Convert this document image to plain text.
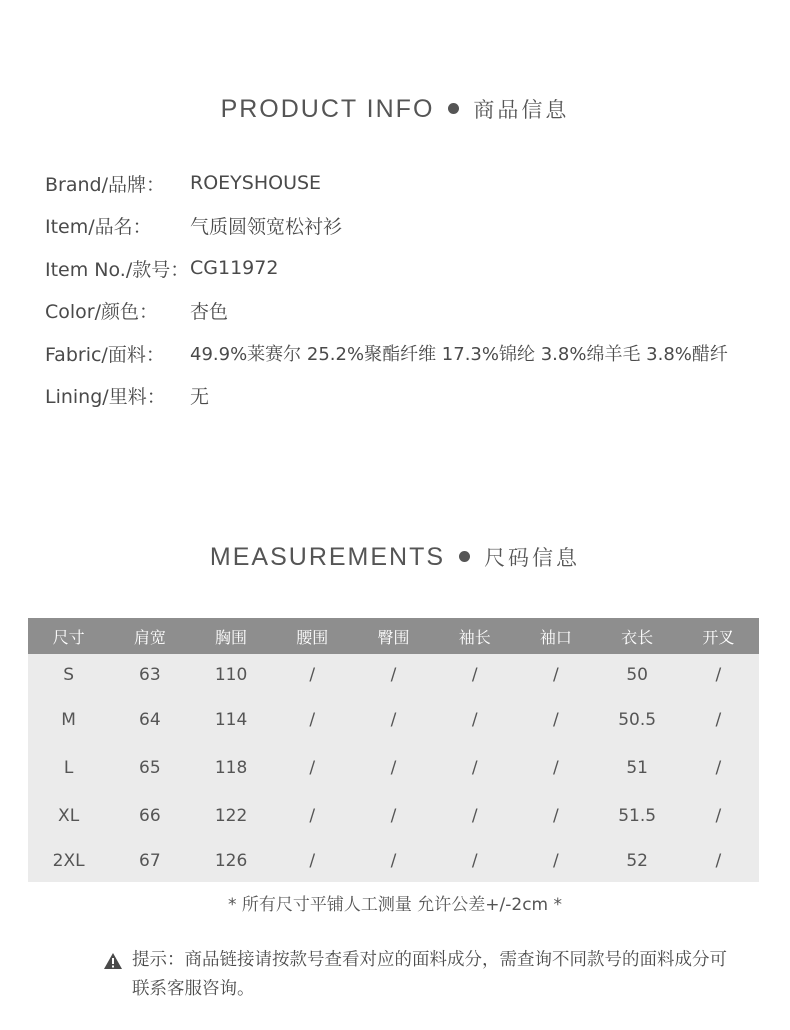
PRODUCT INFO 商品信息
Brand/品牌：	ROEYSHOUSE
Item/品名：	气质圆领宽松衬衫
Item No./款号： CG11972
Color/颜色：	杏色
Fabric/面料：	49.9%莱赛尔 25.2%聚酯纤维 17.3%锦纶 3.8%绵羊毛 3.8%醋纤
Lining/里料：	无
MEASUREMENTS 尺码信息
尺寸	肩宽	胸围	腰围	臀围	袖长	袖口	衣长	开叉
S	63	110	/	/	/	/	50	/
M	64	114	/	/	/	/	50.5	/
L	65	118	/	/	/	/	51	/
XL	66	122	/	/	/	/	51.5	/
2XL	67	126	/	/	/	/	52	/
* 所有尺寸平铺人工测量 允许公差+/-2cm *
提示：商品链接请按款号查看对应的面料成分，需查询不同款号的面料成分可联系客服咨询。
